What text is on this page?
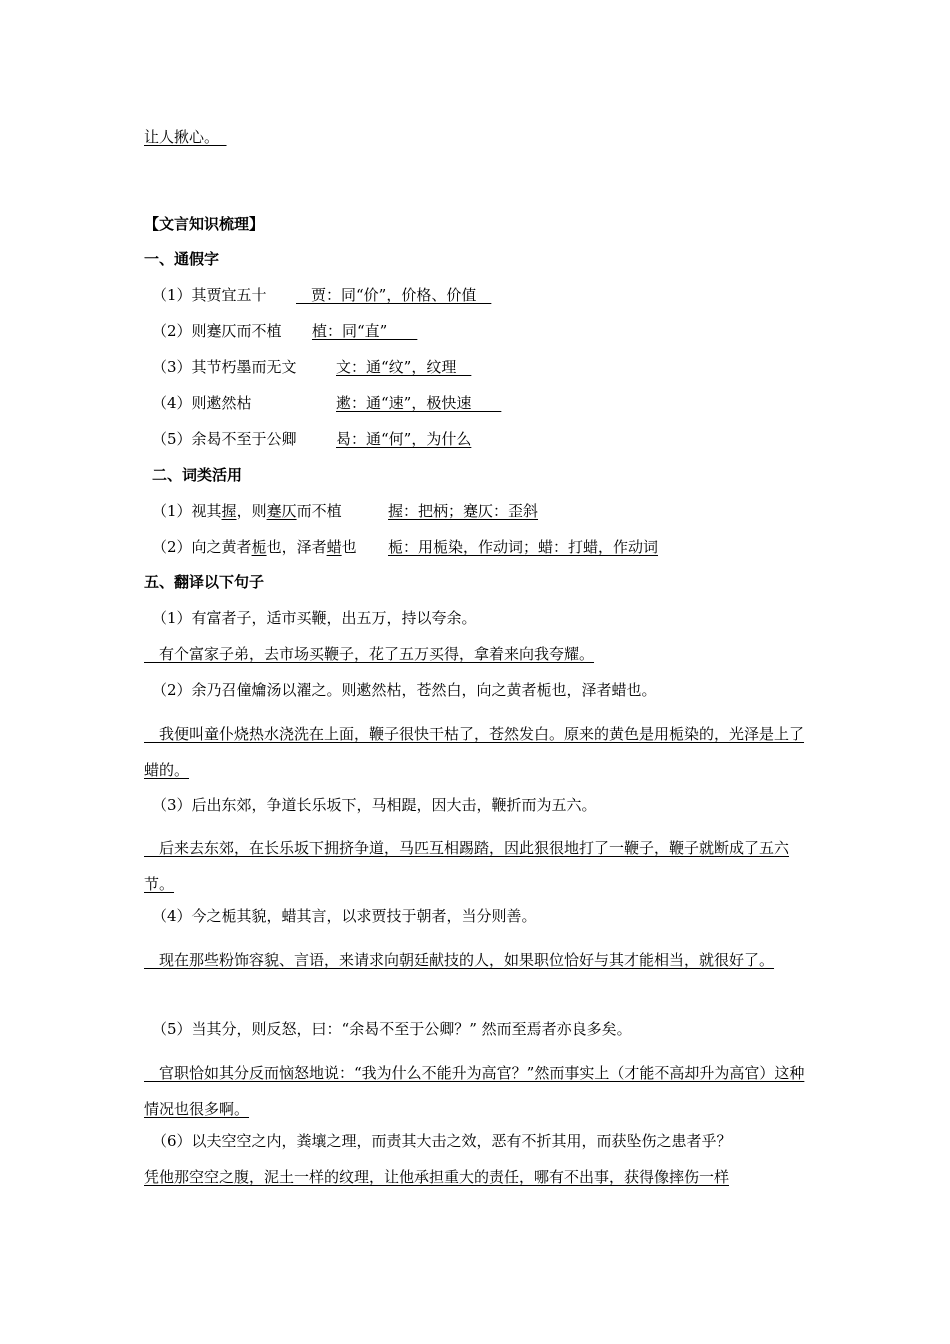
让人揪心。　
【文言知识梳理】
一、通假字
（1）其贾宜五十 　贾：同“价”，价格、价值　
（2）则蹇仄而不植 植：同“直”　　
（3）其节朽墨而无文	文：通“纹”，纹理　
（4）则遬然枯	遬：通“速”，极快速　　
（5）余曷不至于公卿	曷：通“何”，为什么
二、词类活用
（1）视其握，则蹇仄而不植	握：把柄；蹇仄：歪斜
（2）向之黄者栀也，泽者蜡也 栀：用栀染，作动词；蜡：打蜡，作动词
五、翻译以下句子
（1）有富者子，适市买鞭，出五万，持以夸余。
　有个富家子弟，去市场买鞭子，花了五万买得，拿着来向我夸耀。
（2）余乃召僮爚汤以濯之。则遬然枯，苍然白，向之黄者栀也，泽者蜡也。
　我便叫童仆烧热水浇洗在上面，鞭子很快干枯了，苍然发白。原来的黄色是用栀染的，光泽是上了蜡的。
（3）后出东郊，争道长乐坂下，马相踶，因大击，鞭折而为五六。
　后来去东郊，在长乐坂下拥挤争道，马匹互相踢踏，因此狠很地打了一鞭子，鞭子就断成了五六节。
（4）今之栀其貌，蜡其言，以求贾技于朝者，当分则善。
　现在那些粉饰容貌、言语，来请求向朝廷献技的人，如果职位恰好与其才能相当，就很好了。
（5）当其分，则反怒，曰：“余曷不至于公卿？” 然而至焉者亦良多矣。
　官职恰如其分反而恼怒地说：“我为什么不能升为高官？”然而事实上（才能不高却升为高官）这种情况也很多啊。
（6）以夫空空之内，粪壤之理，而责其大击之效，恶有不折其用，而获坠伤之患者乎？
凭他那空空之腹，泥土一样的纹理，让他承担重大的责任，哪有不出事，获得像摔伤一样
